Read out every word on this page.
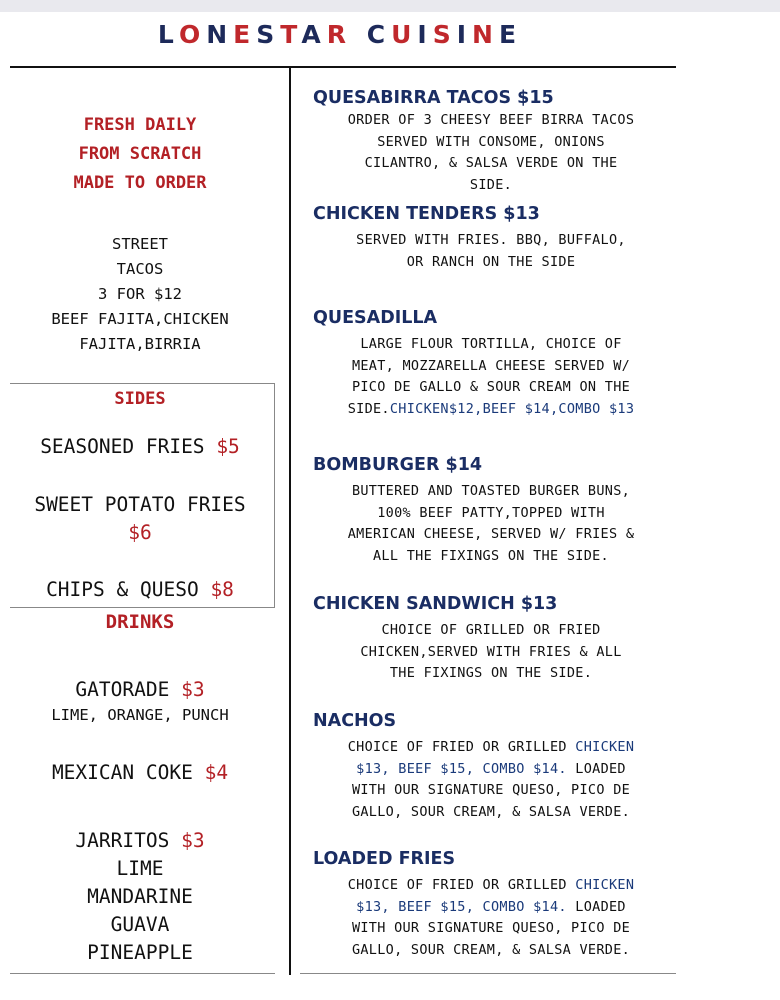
LONESTAR CUISINE
FRESH DAILY
FROM SCRATCH
MADE TO ORDER
STREET
TACOS
3 FOR $12
BEEF FAJITA,CHICKEN
FAJITA,BIRRIA
SIDES
SEASONED FRIES $5
SWEET POTATO FRIES
$6
CHIPS & QUESO $8
DRINKS
GATORADE $3
LIME, ORANGE, PUNCH
MEXICAN COKE $4
JARRITOS $3
LIME
MANDARINE
GUAVA
PINEAPPLE
QUESABIRRA TACOS $15
ORDER OF 3 CHEESY BEEF BIRRA TACOS
SERVED WITH CONSOME, ONIONS
CILANTRO, & SALSA VERDE ON THE
SIDE.
CHICKEN TENDERS $13
SERVED WITH FRIES. BBQ, BUFFALO,
OR RANCH ON THE SIDE
QUESADILLA
LARGE FLOUR TORTILLA, CHOICE OF
MEAT, MOZZARELLA CHEESE SERVED W/
PICO DE GALLO & SOUR CREAM ON THE
SIDE.CHICKEN$12,BEEF $14,COMBO $13
BOMBURGER $14
BUTTERED AND TOASTED BURGER BUNS,
100% BEEF PATTY,TOPPED WITH
AMERICAN CHEESE, SERVED W/ FRIES &
ALL THE FIXINGS ON THE SIDE.
CHICKEN SANDWICH $13
CHOICE OF GRILLED OR FRIED
CHICKEN,SERVED WITH FRIES & ALL
THE FIXINGS ON THE SIDE.
NACHOS
CHOICE OF FRIED OR GRILLED CHICKEN
$13, BEEF $15, COMBO $14. LOADED
WITH OUR SIGNATURE QUESO, PICO DE
GALLO, SOUR CREAM, & SALSA VERDE.
LOADED FRIES
CHOICE OF FRIED OR GRILLED CHICKEN
$13, BEEF $15, COMBO $14. LOADED
WITH OUR SIGNATURE QUESO, PICO DE
GALLO, SOUR CREAM, & SALSA VERDE.
